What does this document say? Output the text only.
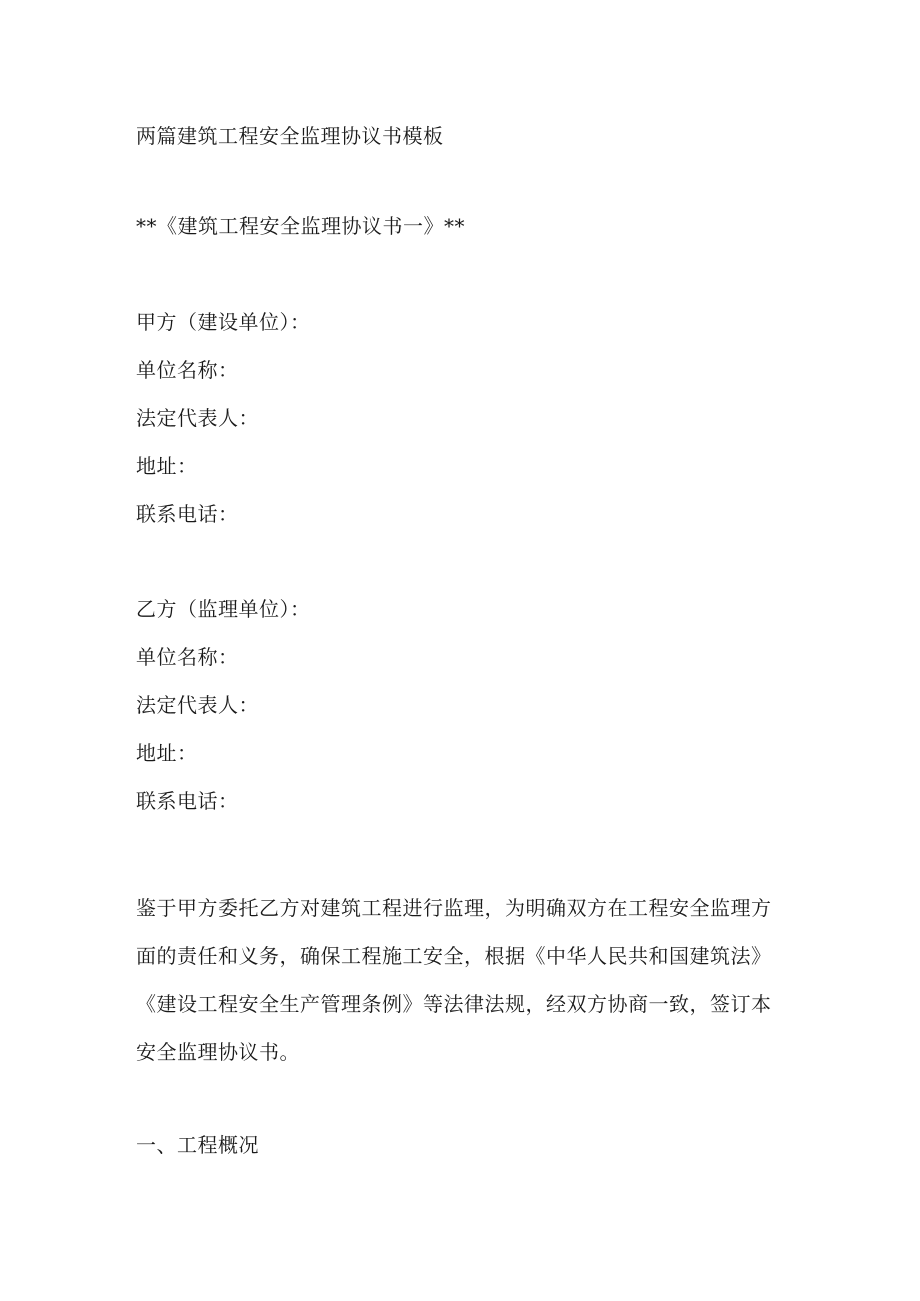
两篇建筑工程安全监理协议书模板
**《建筑工程安全监理协议书一》**
甲方（建设单位）：
单位名称：
法定代表人：
地址：
联系电话：
乙方（监理单位）：
单位名称：
法定代表人：
地址：
联系电话：
鉴于甲方委托乙方对建筑工程进行监理，为明确双方在工程安全监理方
面的责任和义务，确保工程施工安全，根据《中华人民共和国建筑法》
《建设工程安全生产管理条例》等法律法规，经双方协商一致，签订本
安全监理协议书。
一、工程概况
